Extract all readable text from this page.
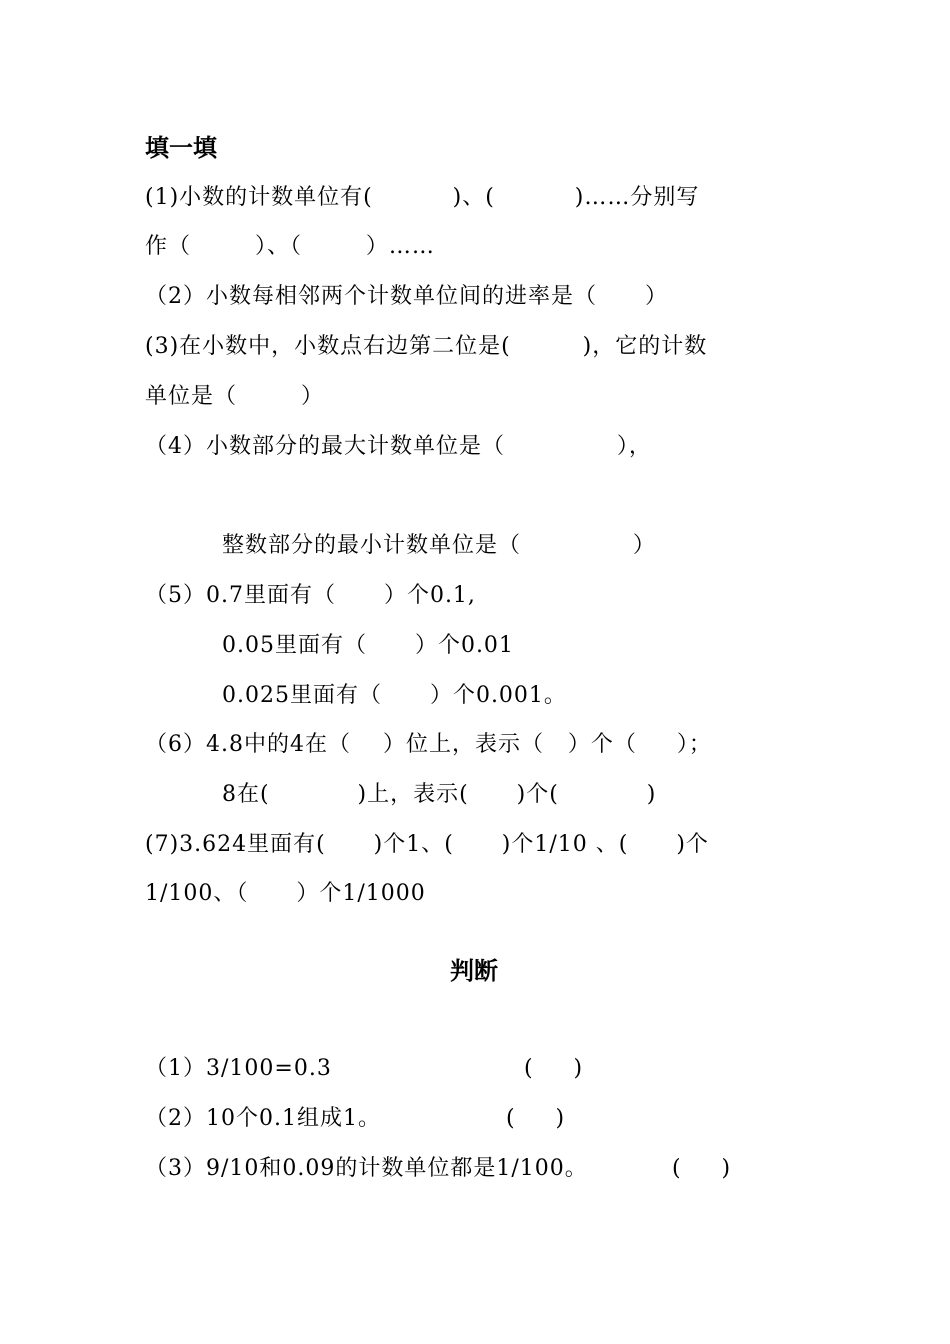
填一填
(1)小数的计数单位有(          )、(          )……分别写
作（        ）、（        ）……
（2）小数每相邻两个计数单位间的进率是（      ）
(3)在小数中，小数点右边第二位是(         )，它的计数
单位是（        ）
（4）小数部分的最大计数单位是（              ），
整数部分的最小计数单位是（              ）
（5）0.7里面有（      ）个0.1,
0.05里面有（      ）个0.01
0.025里面有（      ）个0.001。
（6）4.8中的4在（    ）位上，表示（   ）个（     ）；
8在(           )上，表示(      )个(           )
(7)3.624里面有(      )个1、(      )个1/10 、(      )个
1/100、（      ）个1/1000
判断
（1）3/100=0.3	(     )
（2）10个0.1组成1。	(     )
（3）9/10和0.09的计数单位都是1/100。	(     )
